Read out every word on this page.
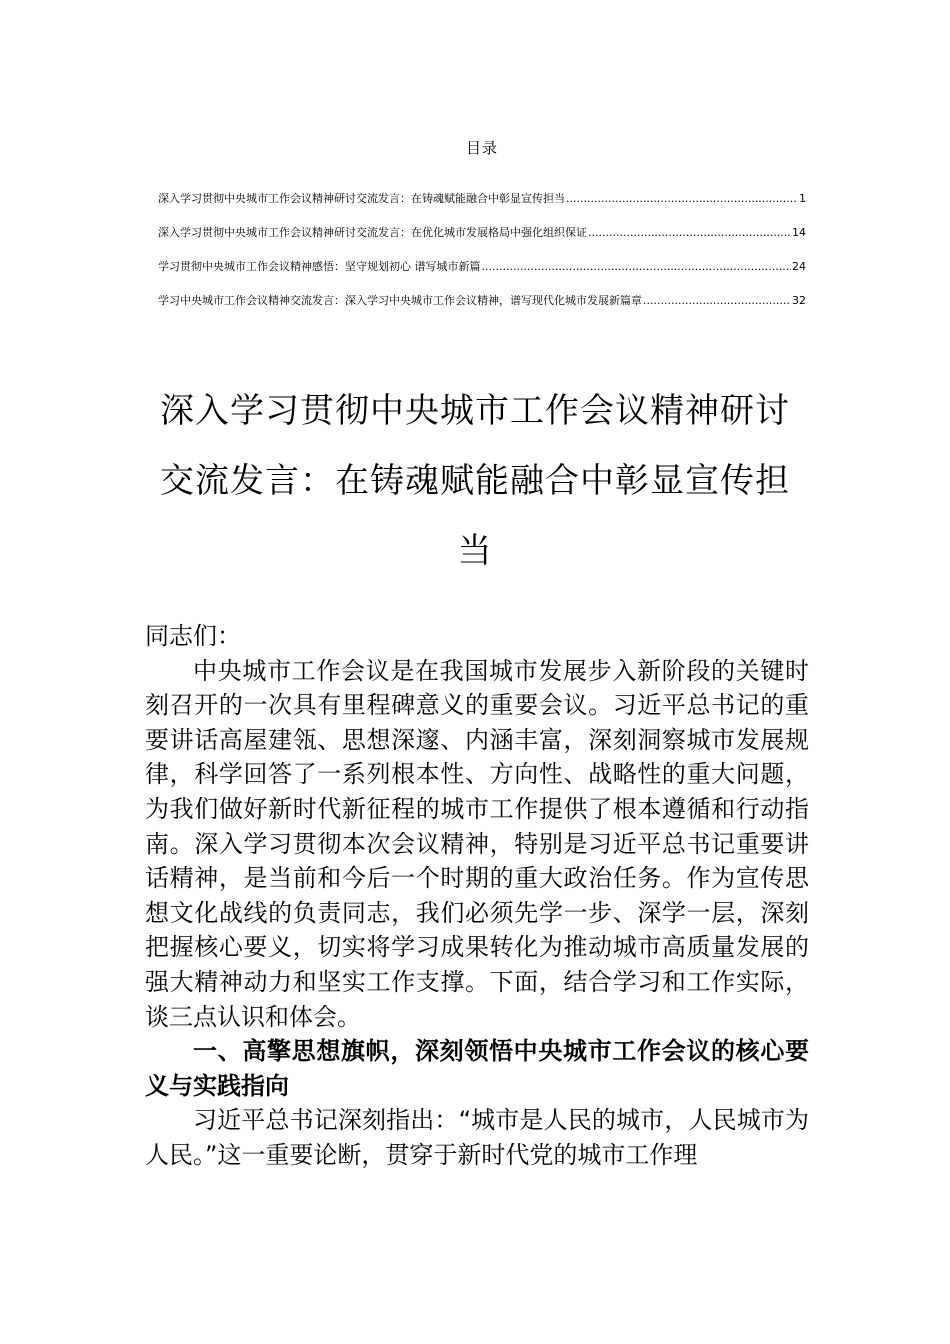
目录
深入学习贯彻中央城市工作会议精神研讨交流发言：在铸魂赋能融合中彰显宣传担当 .....	1
深入学习贯彻中央城市工作会议精神研讨交流发言：在优化城市发展格局中强化组织保证 .....	14
学习贯彻中央城市工作会议精神感悟：坚守规划初心 谱写城市新篇 .....	24
学习中央城市工作会议精神交流发言：深入学习中央城市工作会议精神，谱写现代化城市发展新篇章 .....	32
深入学习贯彻中央城市工作会议精神研讨
交流发言：在铸魂赋能融合中彰显宣传担
当

同志们：

中央城市工作会议是在我国城市发展步入新阶段的关键时刻召开的一次具有里程碑意义的重要会议。习近平总书记的重要讲话高屋建瓴、思想深邃、内涵丰富，深刻洞察城市发展规律，科学回答了一系列根本性、方向性、战略性的重大问题，为我们做好新时代新征程的城市工作提供了根本遵循和行动指南。深入学习贯彻本次会议精神，特别是习近平总书记重要讲话精神，是当前和今后一个时期的重大政治任务。作为宣传思想文化战线的负责同志，我们必须先学一步、深学一层，深刻把握核心要义，切实将学习成果转化为推动城市高质量发展的强大精神动力和坚实工作支撑。下面，结合学习和工作实际，谈三点认识和体会。

一、高擎思想旗帜，深刻领悟中央城市工作会议的核心要义与实践指向

习近平总书记深刻指出：“城市是人民的城市，人民城市为人民。”这一重要论断，贯穿于新时代党的城市工作理
